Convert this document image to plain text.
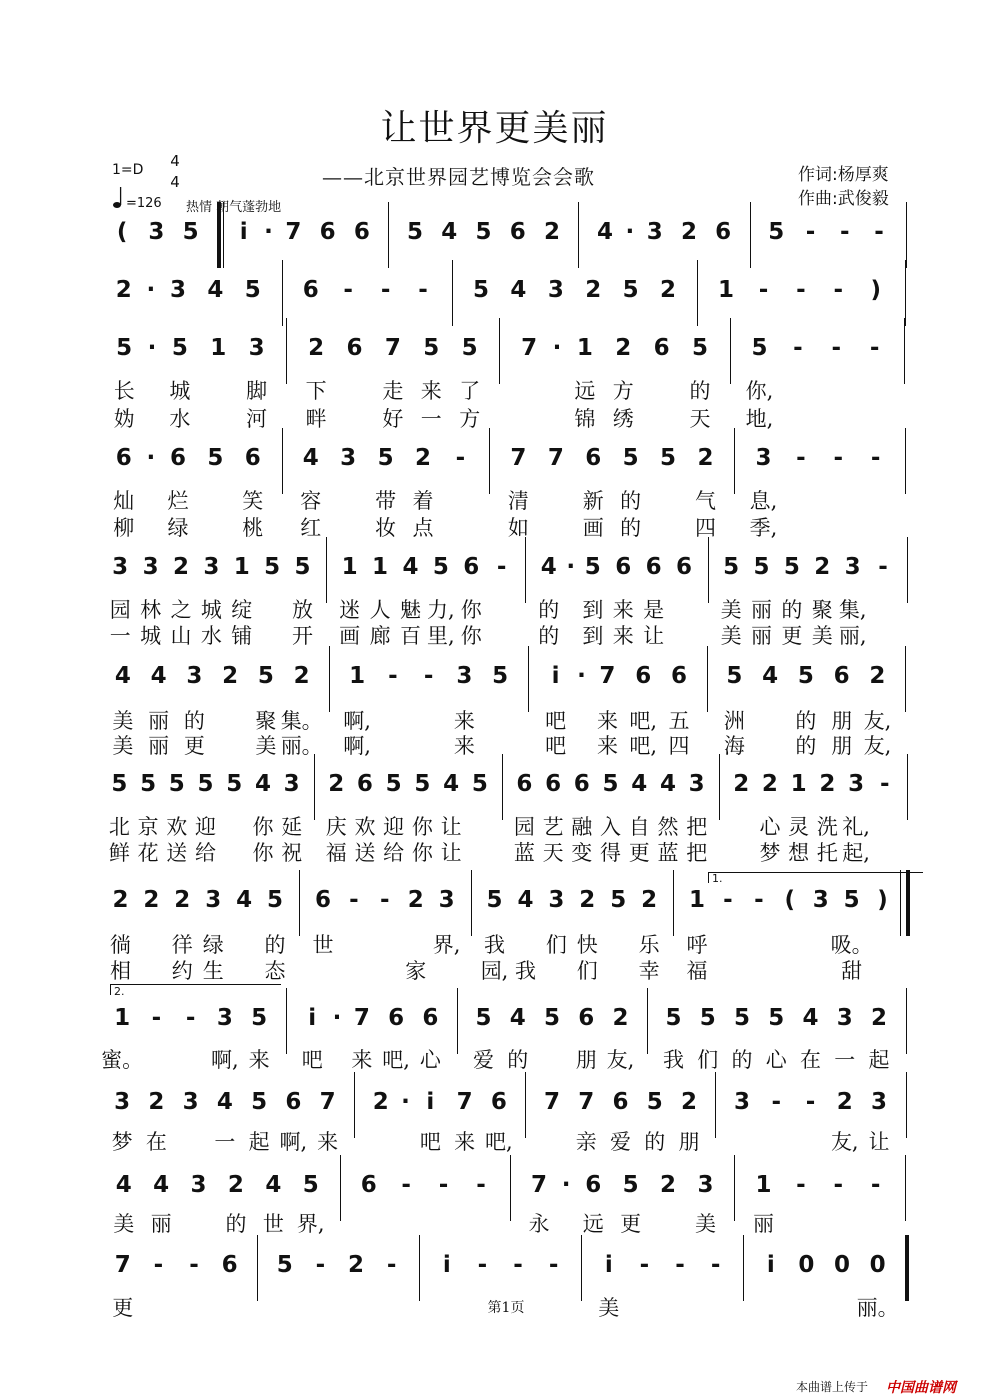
让世界更美丽
1=D 4
4
=126 热情 朝气蓬勃地
——北京世界园艺博览会会歌	作词:杨厚爽
作曲:武俊毅
( 3 5 i · 7 6 6 5 4 5 6 2 4 · 3 2 6 5 - - -
2 · 3 4 5 6 - - - 5 4 3 2 5 2 1 - - - )
5 · 5 1 3 2 6 7 5 5 7 · 1 2 6 5 5 - - -
长 城	脚 下	走 来 了	远 方	的 你,
妫 水	河 畔	好 一 方	锦 绣	天 地,
6 · 6 5 6 4 3 5 2 - 7 7 6 5 5 2 3 - - -
灿 烂	笑 容	带 着	清	新 的	气 息,
柳 绿	桃 红	妆 点	如	画 的	四 季,
3 3 2 3 1 5 5 1 1 4 5 6 - 4 · 5 6 6 6 5 5 5 2 3 -
园 林 之 城 绽 放 迷 人 魅 力, 你	的 到 来 是	美 丽 的 聚 集,
一 城 山 水 铺 开 画 廊 百 里, 你	的 到 来 让	美 丽 更 美 丽,
4 4 3 2 5 2 1 - - 3 5 i · 7 6 6 5 4 5 6 2
美 丽 的 聚 集。 啊,	来	吧 来 吧, 五 洲 的 朋 友,
美 丽 更 美 丽。 啊,	来	吧 来 吧, 四 海 的 朋 友,
5 5 5 5 5 4 3 2 6 5 5 4 5 6 6 6 5 4 4 3 2 2 1 2 3 -
北 京 欢 迎 你 延 庆 欢 迎 你 让 园 艺 融 入 自 然 把 心 灵 洗 礼,
鲜 花 送 给 你 祝 福 送 给 你 让 蓝 天 变 得 更 蓝 把 梦 想 托 起,
2 2 2 3 4 5 6 - - 2 3 5 4 3 2 5 2 1 - - ( 3 5 )
徜 徉 绿 的 世	界, 我 们 快 乐 呼	吸。
相 约 生 态	家	园, 我 们 幸 福	甜
1 - - 3 5 i · 7 6 6 5 4 5 6 2 5 5 5 5 4 3 2
蜜。	啊, 来 吧 来 吧, 心 爱 的 朋 友, 我 们 的 心 在 一 起
3 2 3 4 5 6 7 2 · i 7 6 7 7 6 5 2 3 - - 2 3
梦 在 一 起 啊, 来	吧 来 吧,	亲 爱 的 朋	友, 让
4 4 3 2 4 5 6 - - - 7 · 6 5 2 3 1 - - -
美 丽	的 世 界,	永 远 更	美 丽
7 - - 6 5 - 2 - i - - - i - - - i 0 0 0
更	美	丽。
1.
2.
第1页
本曲谱上传于 中国曲谱网
